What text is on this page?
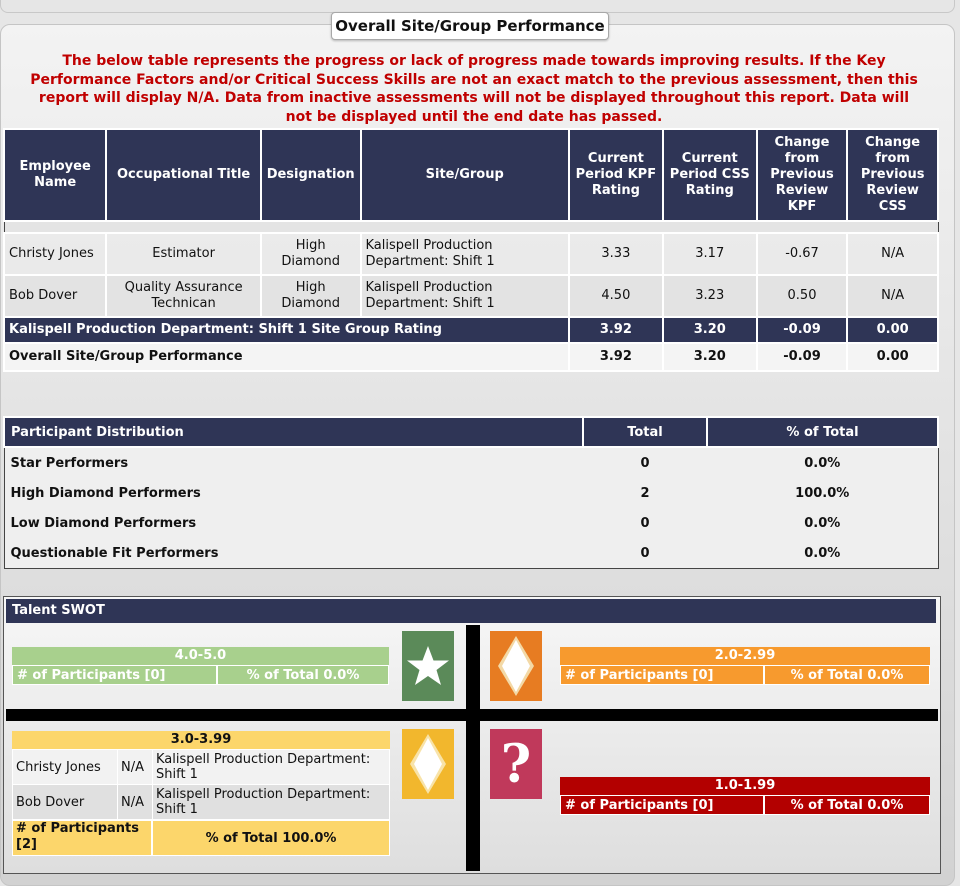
Overall Site/Group Performance
The below table represents the progress or lack of progress made towards improving results. If the Key Performance Factors and/or Critical Success Skills are not an exact match to the previous assessment, then this report will display N/A. Data from inactive assessments will not be displayed throughout this report. Data will not be displayed until the end date has passed.
Employee Name	Occupational Title	Designation	Site/Group	Current Period KPF Rating	Current Period CSS Rating	Change from Previous Review KPF	Change from Previous Review CSS

Christy Jones	Estimator	High Diamond	Kalispell Production Department: Shift 1	3.33	3.17	-0.67	N/A
Bob Dover	Quality Assurance Technican	High Diamond	Kalispell Production Department: Shift 1	4.50	3.23	0.50	N/A
Kalispell Production Department: Shift 1 Site Group Rating				3.92	3.20	-0.09	0.00
Overall Site/Group Performance				3.92	3.20	-0.09	0.00
Participant Distribution	Total	% of Total
Star Performers	0	0.0%
High Diamond Performers	2	100.0%
Low Diamond Performers	0	0.0%
Questionable Fit Performers	0	0.0%
Talent SWOT
4.0-5.0
# of Participants [0]	% of Total 0.0%
2.0-2.99
# of Participants [0]	% of Total 0.0%
3.0-3.99
Christy Jones	N/A	Kalispell Production Department: Shift 1
Bob Dover	N/A	Kalispell Production Department: Shift 1
# of Participants [2]	% of Total 100.0%
?	1.0-1.99
# of Participants [0]	% of Total 0.0%
